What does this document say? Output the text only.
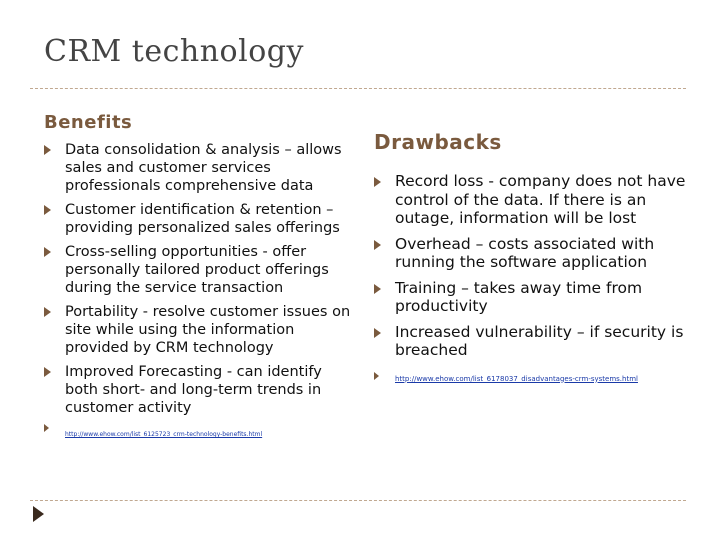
CRM technology
Benefits
Data consolidation & analysis – allows sales and customer services professionals comprehensive data
Customer identification & retention – providing personalized sales offerings
Cross-selling opportunities - offer personally tailored product offerings during the service transaction
Portability - resolve customer issues on site while using the information provided by CRM technology
Improved Forecasting - can identify both short- and long-term trends in customer activity
http://www.ehow.com/list_6125723_crm-technology-benefits.html
Drawbacks
Record loss - company does not have control of the data. If there is an outage, information will be lost
Overhead – costs associated with running the software application
Training – takes away time from productivity
Increased vulnerability – if security is breached
http://www.ehow.com/list_6178037_disadvantages-crm-systems.html
